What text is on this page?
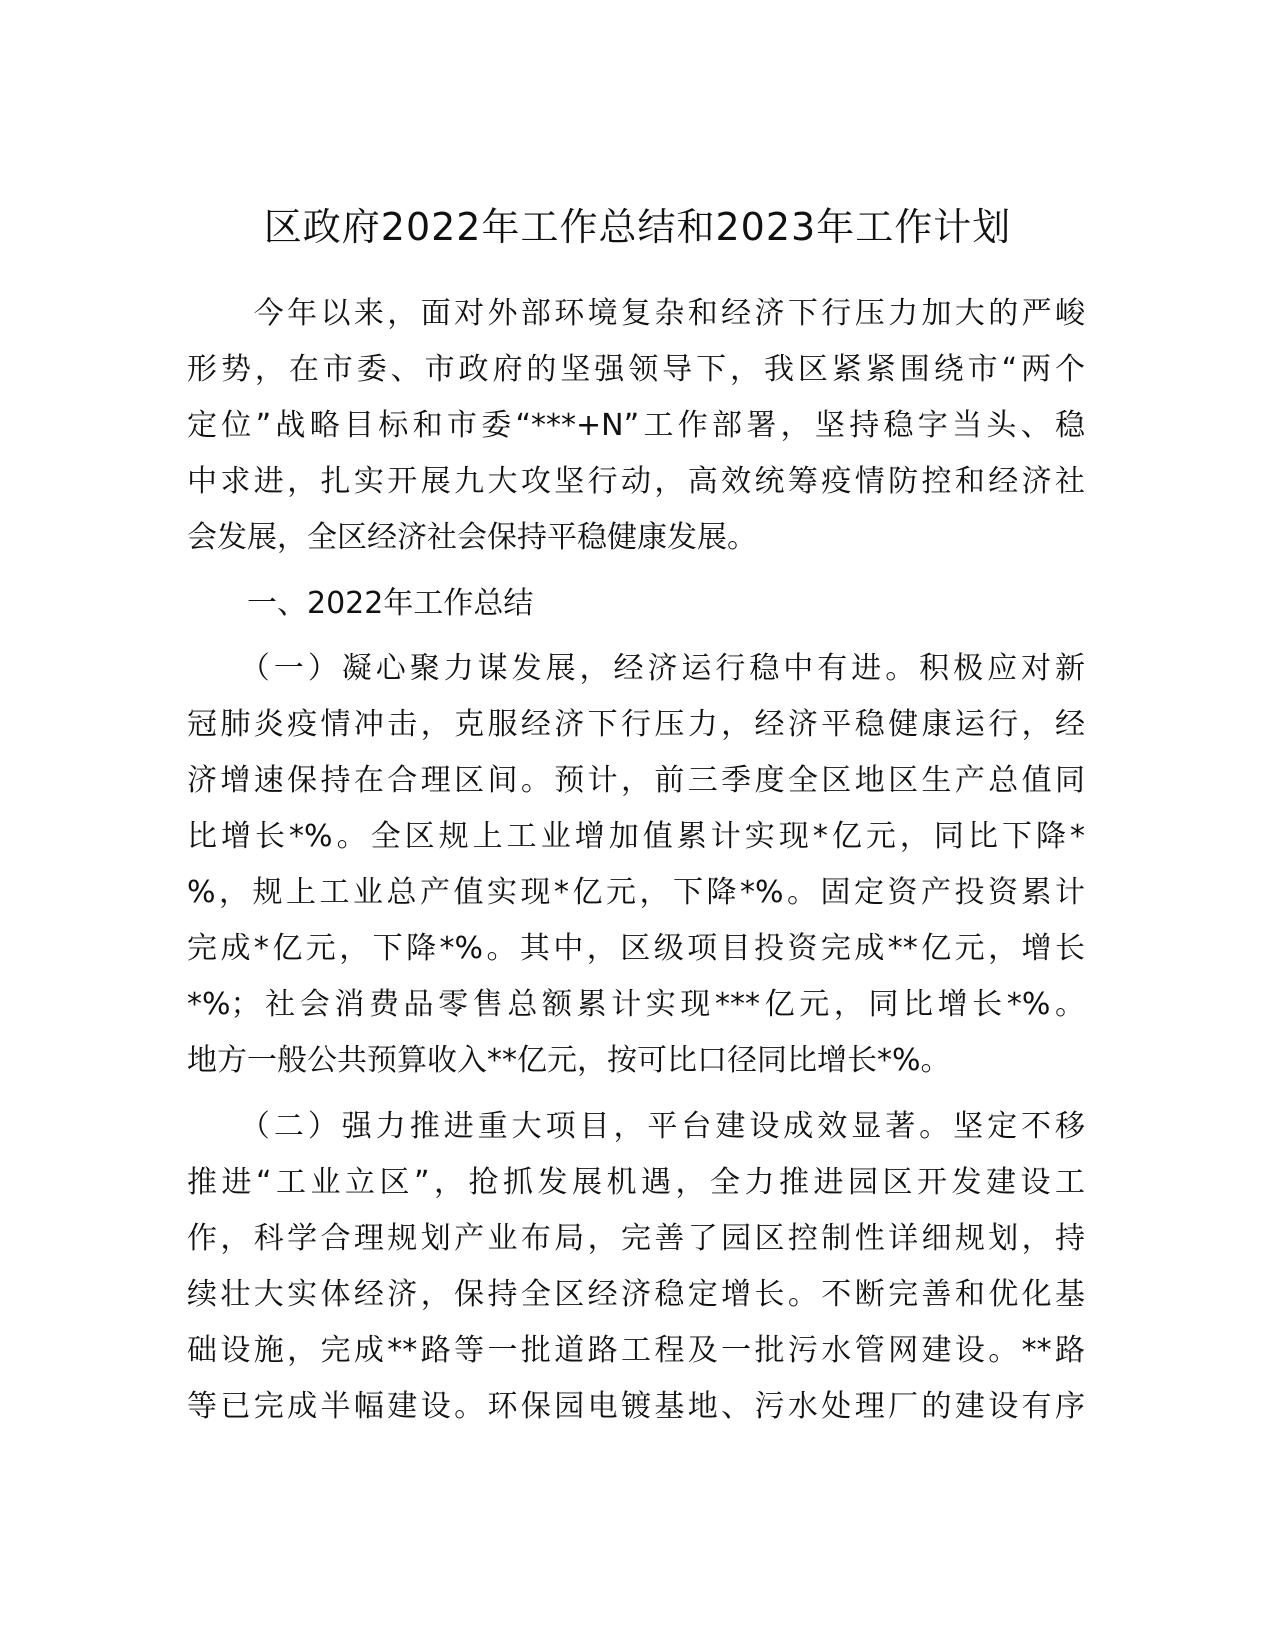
区政府2022年工作总结和2023年工作计划
　　今年以来，面对外部环境复杂和经济下行压力加大的严峻
形势，在市委、市政府的坚强领导下，我区紧紧围绕市“两个
定位”战略目标和市委“***+N”工作部署，坚持稳字当头、稳
中求进，扎实开展九大攻坚行动，高效统筹疫情防控和经济社
会发展，全区经济社会保持平稳健康发展。
　　一、2022年工作总结
　　（一）凝心聚力谋发展，经济运行稳中有进。积极应对新
冠肺炎疫情冲击，克服经济下行压力，经济平稳健康运行，经
济增速保持在合理区间。预计，前三季度全区地区生产总值同
比增长*%。全区规上工业增加值累计实现*亿元，同比下降*
%，规上工业总产值实现*亿元，下降*%。固定资产投资累计
完成*亿元，下降*%。其中，区级项目投资完成**亿元，增长
*%；社会消费品零售总额累计实现***亿元，同比增长*%。
地方一般公共预算收入**亿元，按可比口径同比增长*%。
　　（二）强力推进重大项目，平台建设成效显著。坚定不移
推进“工业立区”，抢抓发展机遇，全力推进园区开发建设工
作，科学合理规划产业布局，完善了园区控制性详细规划，持
续壮大实体经济，保持全区经济稳定增长。不断完善和优化基
础设施，完成**路等一批道路工程及一批污水管网建设。**路
等已完成半幅建设。环保园电镀基地、污水处理厂的建设有序
